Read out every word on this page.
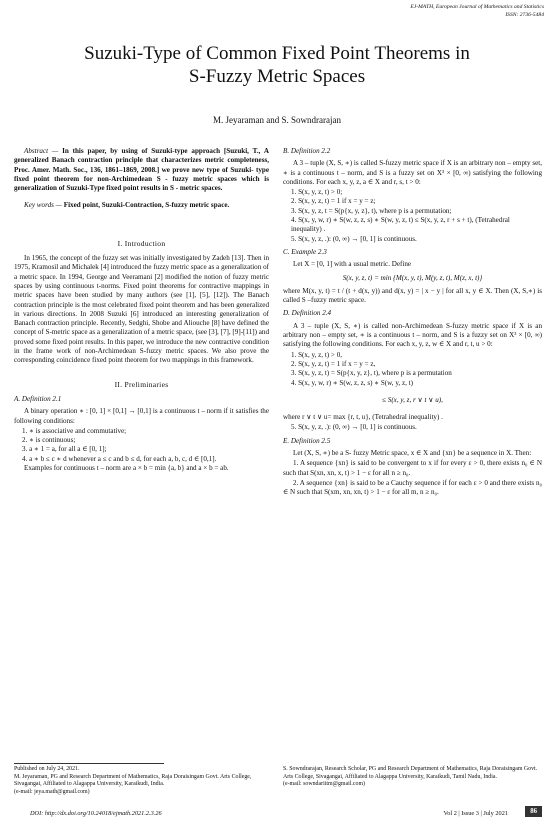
EJ-MATH, European Journal of Mathematics and Statistics
ISSN: 2736-5484
Suzuki-Type of Common Fixed Point Theorems in
S-Fuzzy Metric Spaces
M. Jeyaraman and S. Sowndrarajan

Abstract — In this paper, by using of Suzuki-type approach [Suzuki, T., A generalized Banach contraction principle that characterizes metric completeness, Proc. Amer. Math. Soc., 136, 1861–1869, 2008.] we prove new type of Suzuki- type fixed point theorem for non-Archimedean S - fuzzy metric spaces which is generalization of Suzuki-Type fixed point results in S - metric spaces.

Key words — Fixed point, Suzuki-Contraction, S-fuzzy metric space.

I. Introduction

In 1965, the concept of the fuzzy set was initially investigated by Zadeh [13]. Then in 1975, Kramosil and Michalek [4] introduced the fuzzy metric space as a generalization of a metric space. In 1994, George and Veeramani [2] modified the notion of fuzzy metric spaces by using continuous t-norms. Fixed point theorems for contractive mappings in metric spaces have been studied by many authors (see [1], [5], [12]). The Banach contraction principle is the most celebrated fixed point theorem and has been generalized in various directions. In 2008 Suzuki [6] introduced an interesting generalization of Banach contraction principle. Recently, Sedghi, Shobe and Aliouche [8] have defined the concept of S-metric space as a generalization of a metric space, (see [3], [7], [9]-[11]) and proved some fixed point results. In this paper, we introduce the new contractive condition in the frame work of non-Archimedean S-fuzzy metric spaces. We also prove the corresponding coincidence fixed point theorem for two mappings in this framework.

II. Preliminaries
A. Definition 2.1

A binary operation ∗ : [0, 1] × [0,1] → [0,1] is a continuous t – norm if it satisfies the following conditions:

1. ∗ is associative and commutative;
2. ∗ is continuous;
3. a ∗ 1 = a, for all a ∈ [0, 1];
4. a ∗ b ≤ c ∗ d whenever a ≤ c and b ≤ d, for each a, b, c, d ∈ [0,1].

Examples for continuous t – norm are a × b = min {a, b} and a × b = ab.

B. Definition 2.2

A 3 – tuple (X, S, ∗) is called S-fuzzy metric space if X is an arbitrary non – empty set, ∗ is a continuous t – norm, and S is a fuzzy set on X³ × [0, ∞) satisfying the following conditions. For each x, y, z, a ∈ X and r, s, t > 0:

1. S(x, y, z, t) > 0;
2. S(x, y, z, t) = 1 if x = y = z;
3. S(x, y, z, t = S(p{x, y, z}, t), where p is a permutation;
4. S(x, y, w, r) ∗ S(w, z, z, s) ∗ S(w, y, z, t) ≤ S(x, y, z, r + s + t), (Tetrahedral inequality) .
5. S(x, y, z, .): (0, ∞) → [0, 1] is continuous.
C. Example 2.3

Let X = [0, 1] with a usual metric. Define

S(x, y, z, t) = min {M(x, y, t), M(y, z, t), M(z, x, t)}

where M(x, y, t) = t / (t + d(x, y)) and d(x, y) = | x − y | for all x, y ∈ X. Then (X, S,∗) is called S –fuzzy metric space.

D. Definition 2.4

A 3 – tuple (X, S, ∗) is called non-Archimedean S-fuzzy metric space if X is an arbitrary non – empty set, ∗ is a continuous t – norm, and S is a fuzzy set on X³ × [0, ∞) satisfying the following conditions. For each x, y, z, w ∈ X and r, t, u > 0:

1. S(x, y, z, t) > 0,
2. S(x, y, z, t) = 1 if x = y = z,
3. S(x, y, z, t) = S(p{x, y, z}, t), where p is a permutation
4. S(x, y, w, r) ∗ S(w, z, z, s) ∗ S(w, y, z, t)
≤ S(x, y, z, r ∨ t ∨ u),

where r ∨ t ∨ u= max {r, t, u}, (Tetrahedral inequality) .

5. S(x, y, z, .): (0, ∞) → [0, 1] is continuous.
E. Definition 2.5

Let (X, S, ∗) be a S- fuzzy Metric space, x ∈ X and {xn} be a sequence in X. Then:

1. A sequence {xn} is said to be convergent to x if for every ε > 0, there exists n₀ ∈ N such that S(xn, xn, x, t) > 1 − ε for all n ≥ n₀.

2. A sequence {xn} is said to be a Cauchy sequence if for each ε > 0 and there exists n₀ ∈ N such that S(xm, xn, xn, t) > 1 − ε for all m, n ≥ n₀.

Published on July 24, 2021.
M. Jeyaraman, PG and Research Department of Mathematics, Raja Doraisingam Govt. Arts College, Sivagangai, Affiliated to Alagappa University, Karaikudi, India.
(e-mail: jeya.math@gmail.com)
S. Sowndrarajan, Research Scholar, PG and Research Department of Mathematics, Raja Doraisingam Govt. Arts College, Sivagangai, Affiliated to Alagappa University, Karaikudi, Tamil Nadu, India.
(e-mail: sowndariitm@gmail.com)
DOI: http://dx.doi.org/10.24018/ejmath.2021.2.3.26	Vol 2 | Issue 3 | July 2021	86
